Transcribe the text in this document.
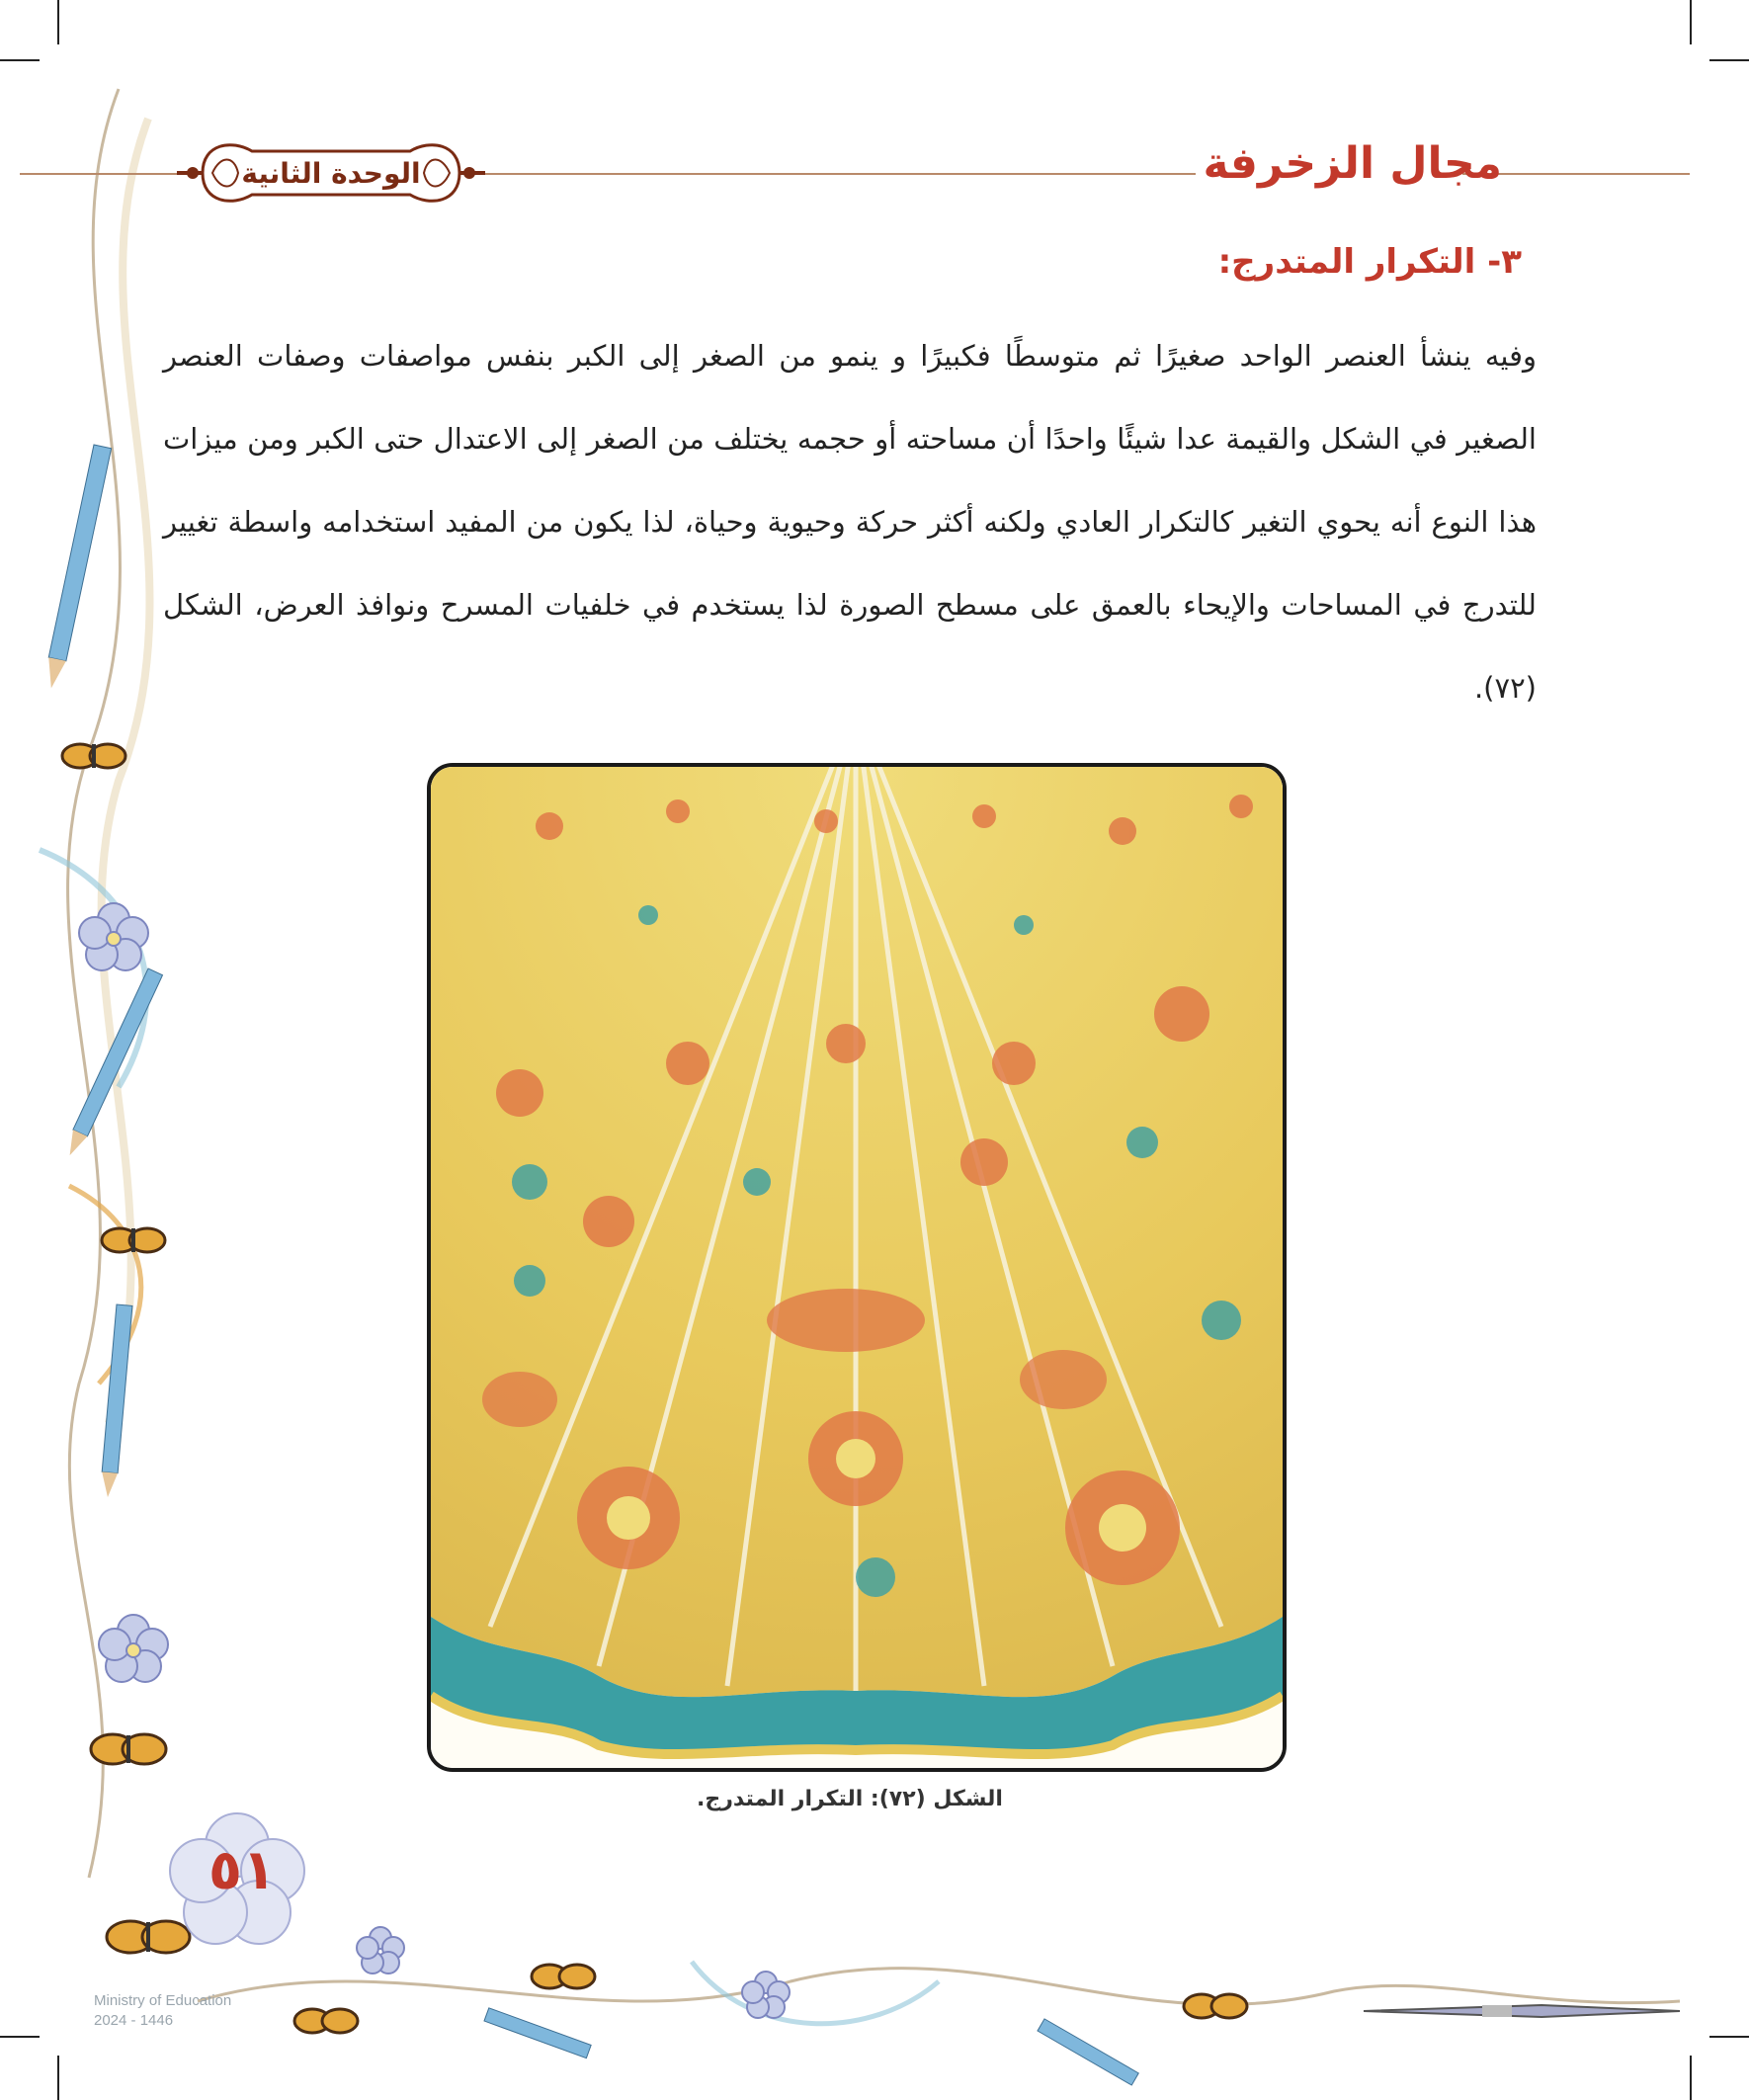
مجال الزخرفة
الوحدة الثانية
٣- التكرار المتدرج:

وفيه ينشأ العنصر الواحد صغيرًا ثم متوسطًا فكبيرًا و ينمو من الصغر إلى الكبر بنفس مواصفات وصفات العنصر الصغير في الشكل والقيمة عدا شيئًا واحدًا أن مساحته أو حجمه يختلف من الصغر إلى الاعتدال حتى الكبر ومن ميزات هذا النوع أنه يحوي التغير كالتكرار العادي ولكنه أكثر حركة وحيوية وحياة، لذا يكون من المفيد استخدامه واسطة تغيير للتدرج في المساحات والإيحاء بالعمق على مسطح الصورة لذا يستخدم في خلفيات المسرح ونوافذ العرض، الشكل (٧٢).

الشكل (٧٢): التكرار المتدرج.
٥١
Ministry of Education
2024 - 1446
